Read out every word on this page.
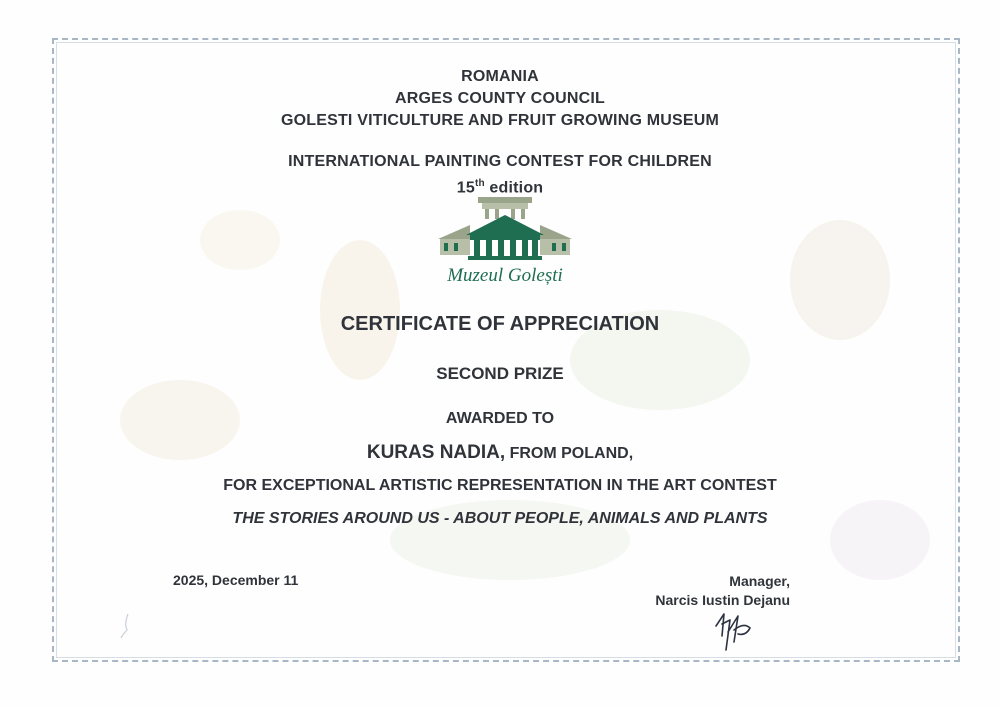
ROMANIA
ARGES COUNTY COUNCIL
GOLESTI VITICULTURE AND FRUIT GROWING MUSEUM
INTERNATIONAL PAINTING CONTEST FOR CHILDREN
15th edition
Muzeul Golești
CERTIFICATE OF APPRECIATION
SECOND PRIZE
AWARDED TO
KURAS NADIA, FROM POLAND,
FOR EXCEPTIONAL ARTISTIC REPRESENTATION IN THE ART CONTEST
THE STORIES AROUND US - ABOUT PEOPLE, ANIMALS AND PLANTS
2025, December 11	Manager,
Narcis Iustin Dejanu
